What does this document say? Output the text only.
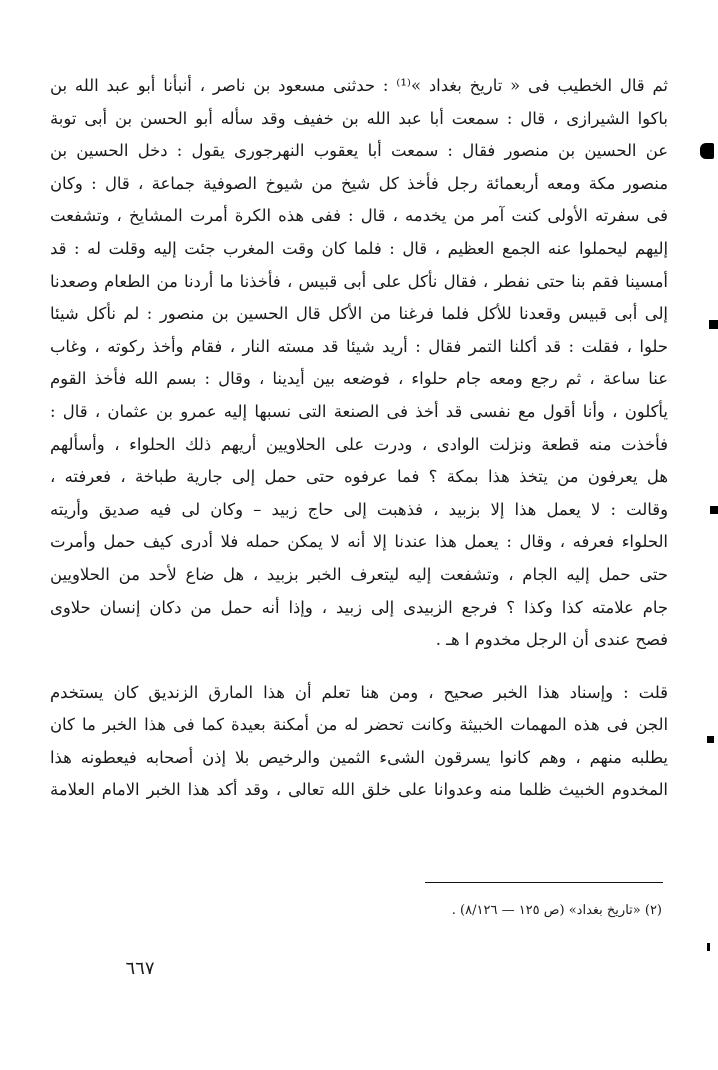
ثم قال الخطيب فى « تاريخ بغداد »⁽¹⁾ : حدثنى مسعود بن ناصر ، أنبأنا أبو عبد الله بن
باكوا الشيرازى ، قال : سمعت أبا عبد الله بن خفيف وقد سأله أبو الحسن بن أبى توبة
عن الحسين بن منصور فقال : سمعت أبا يعقوب النهرجورى يقول : دخل الحسين بن
منصور مكة ومعه أربعمائة رجل فأخذ كل شيخ من شيوخ الصوفية جماعة ، قال : وكان
فى سفرته الأولى كنت آمر من يخدمه ، قال : ففى هذه الكرة أمرت المشايخ ، وتشفعت
إليهم ليحملوا عنه الجمع العظيم ، قال : فلما كان وقت المغرب جئت إليه وقلت له : قد
أمسينا فقم بنا حتى نفطر ، فقال نأكل على أبى قبيس ، فأخذنا ما أردنا من الطعام وصعدنا
إلى أبى قبيس وقعدنا للأكل فلما فرغنا من الأكل قال الحسين بن منصور : لم نأكل شيئا
حلوا ، فقلت : قد أكلنا التمر فقال : أريد شيئا قد مسته النار ، فقام وأخذ ركوته ، وغاب
عنا ساعة ، ثم رجع ومعه جام حلواء ، فوضعه بين أيدينا ، وقال : بسم الله فأخذ القوم
يأكلون ، وأنا أقول مع نفسى قد أخذ فى الصنعة التى نسبها إليه عمرو بن عثمان ، قال :
فأخذت منه قطعة ونزلت الوادى ، ودرت على الحلاويين أريهم ذلك الحلواء ، وأسألهم
هل يعرفون من يتخذ هذا بمكة ؟ فما عرفوه حتى حمل إلى جارية طباخة ، فعرفته ،
وقالت : لا يعمل هذا إلا بزبيد ، فذهبت إلى حاج زبيد – وكان لى فيه صديق وأريته
الحلواء فعرفه ، وقال : يعمل هذا عندنا إلا أنه لا يمكن حمله فلا أدرى كيف حمل وأمرت
حتى حمل إليه الجام ، وتشفعت إليه ليتعرف الخبر بزبيد ، هل ضاع لأحد من الحلاويين
جام علامته كذا وكذا ؟ فرجع الزبيدى إلى زبيد ، وإذا أنه حمل من دكان إنسان حلاوى
فصح عندى أن الرجل مخدوم ا هـ .
قلت : وإسناد هذا الخبر صحيح ، ومن هنا تعلم أن هذا المارق الزنديق كان يستخدم
الجن فى هذه المهمات الخبيثة وكانت تحضر له من أمكنة بعيدة كما فى هذا الخبر ما كان
يطلبه منهم ، وهم كانوا يسرقون الشىء الثمين والرخيص بلا إذن أصحابه فيعطونه هذا
المخدوم الخبيث ظلما منه وعدوانا على خلق الله تعالى ، وقد أكد هذا الخبر الامام العلامة
(٢) «تاريخ بغداد» (ص ١٢٥ — ٨/١٢٦) .
٦٦٧
